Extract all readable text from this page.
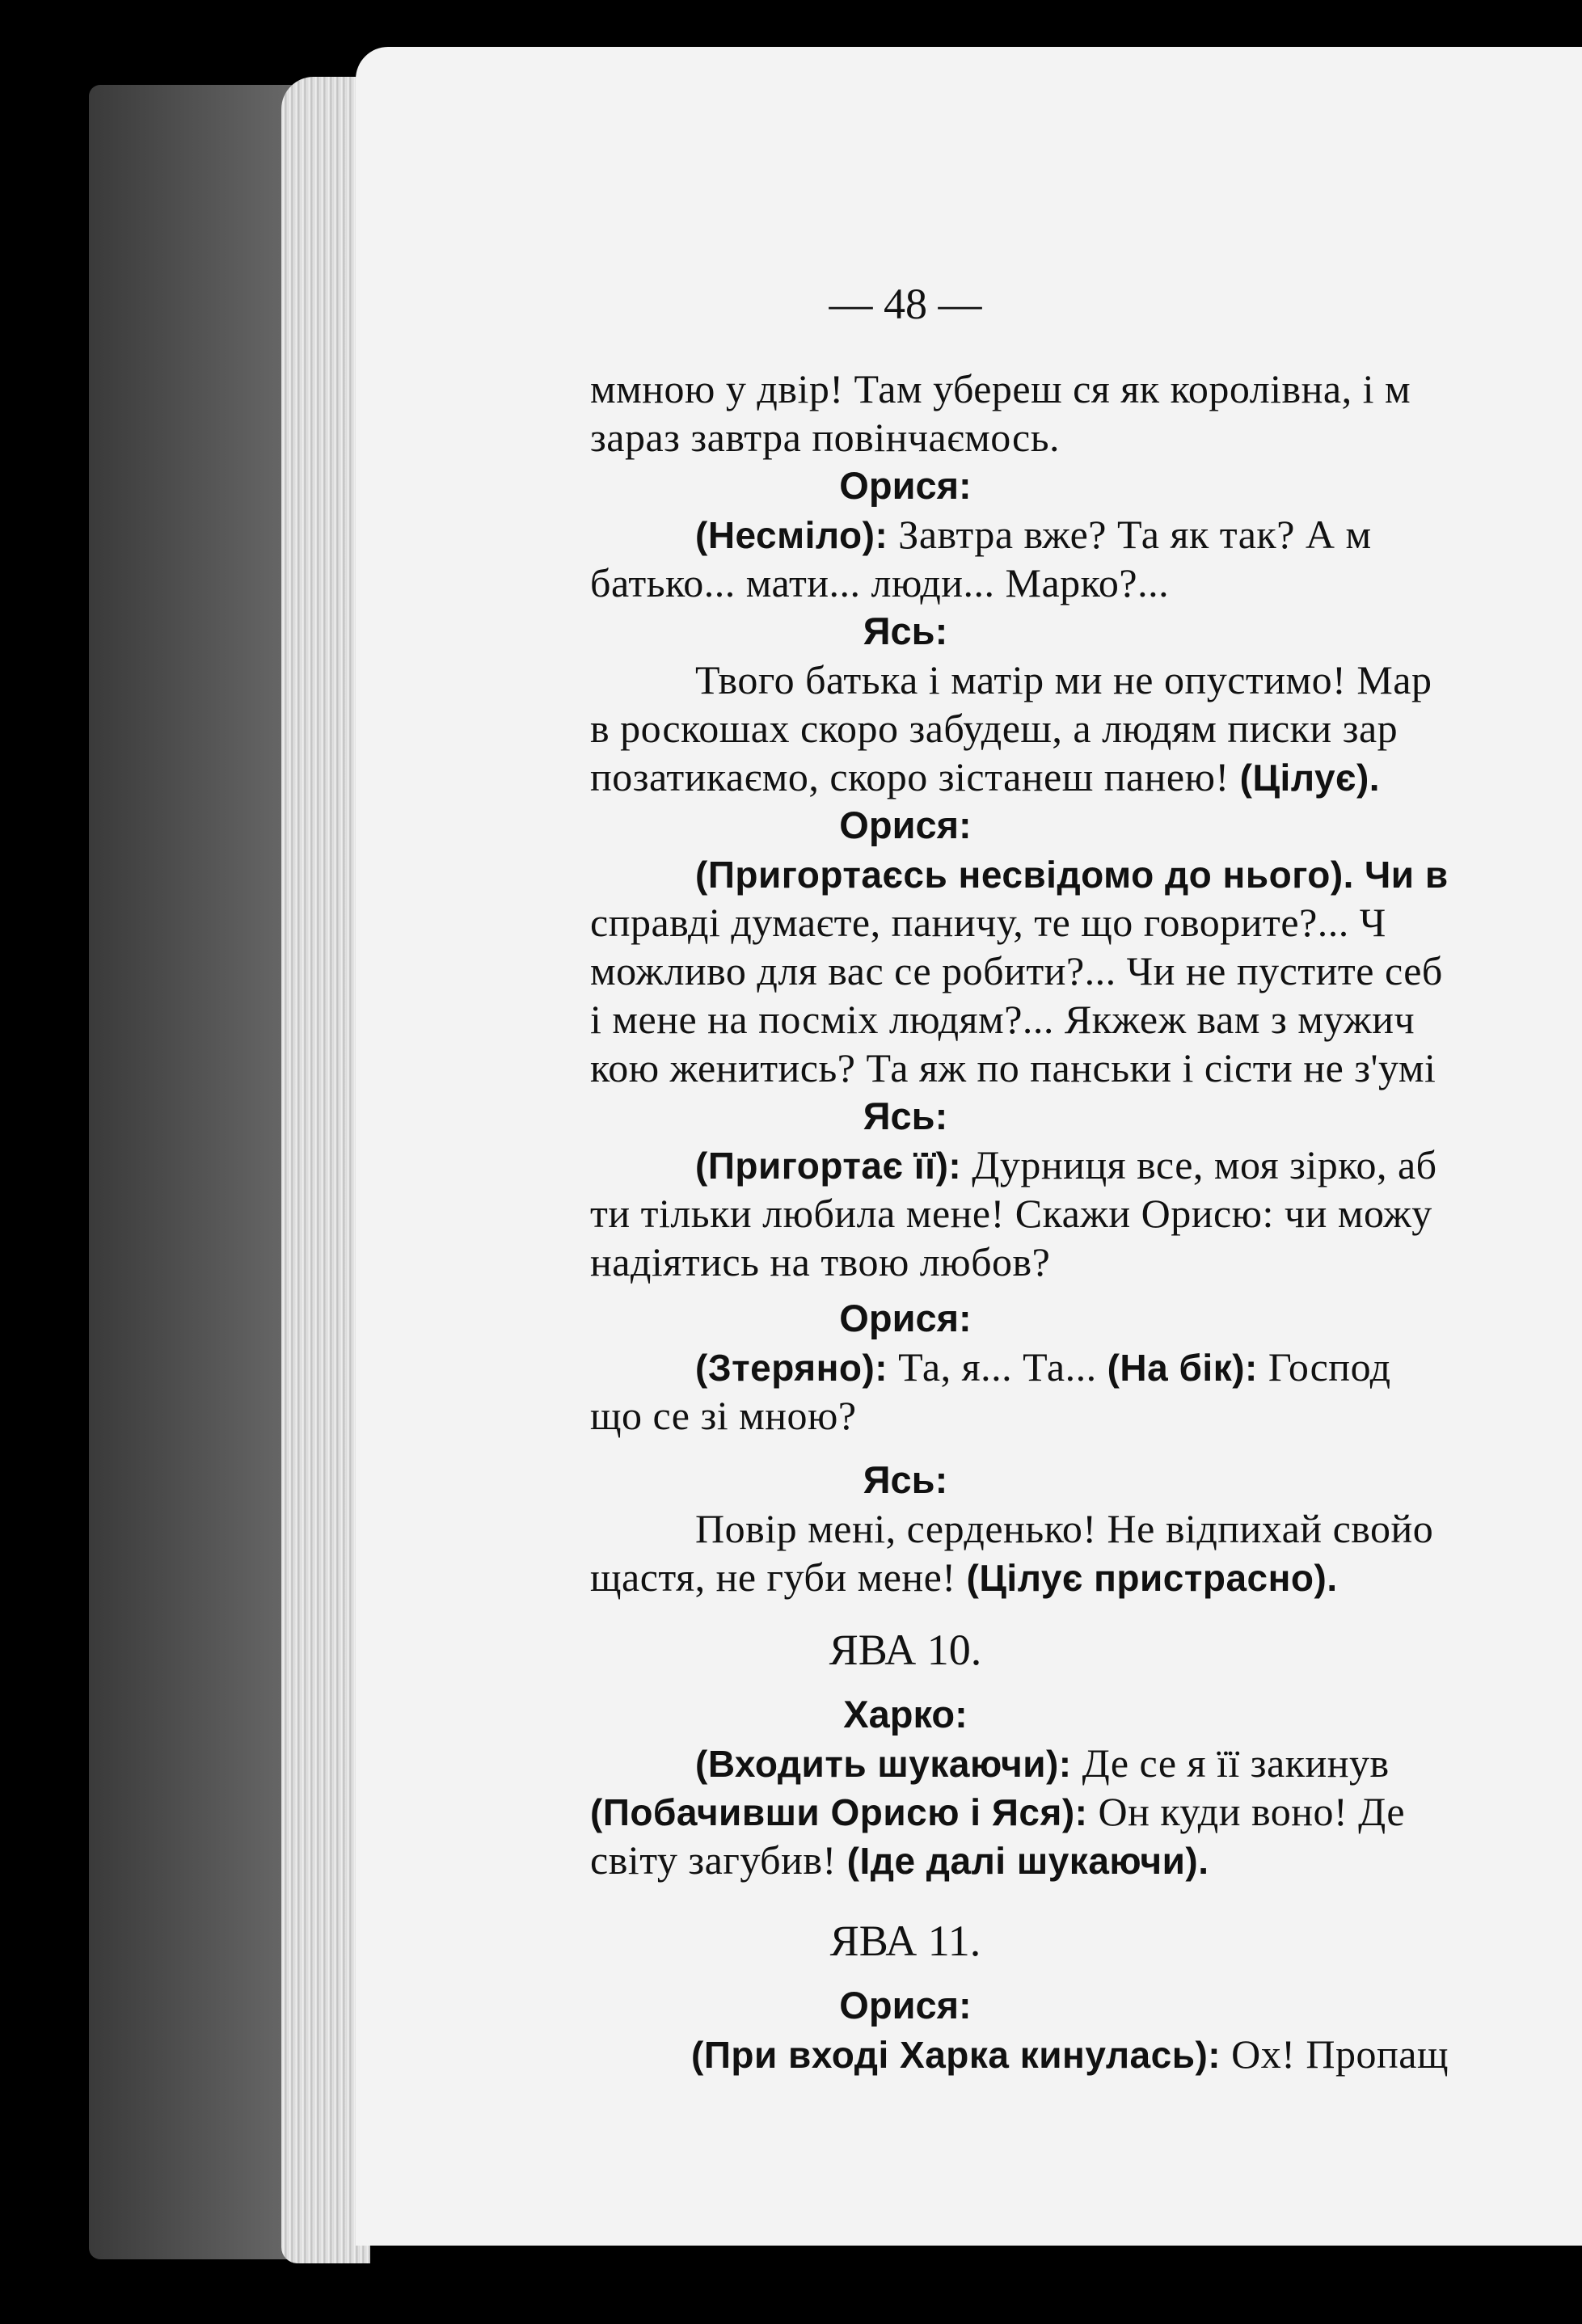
— 48 —
ммною у двір! Там убереш ся як королівна, і м
зараз завтра повінчаємось.
Орися:
(Несміло): Завтра вже? Та як так? А м
батько... мати... люди... Марко?...
Ясь:
Твого батька і матір ми не опустимо! Мар
в роскошах скоро забудеш, а людям писки зар
позатикаємо, скоро зістанеш панею! (Цілує).
Орися:
(Пригортаєсь несвідомо до нього). Чи в
справді думаєте, паничу, те що говорите?... Ч
можливо для вас се робити?... Чи не пустите себ
і мене на посміх людям?... Якжеж вам з мужич
кою женитись? Та яж по панськи і сісти не з'умі
Ясь:
(Пригортає її): Дурниця все, моя зірко, аб
ти тільки любила мене! Скажи Орисю: чи можу
надіятись на твою любов?
Орися:
(Зтеряно): Та, я... Та... (На бік): Господ
що се зі мною?
Ясь:
Повір мені, серденько! Не відпихай свойо
щастя, не губи мене! (Цілує пристрасно).
ЯВА 10.
Харко:
(Входить шукаючи): Де се я її закинув
(Побачивши Орисю і Яся): Он куди воно! Де
світу загубив! (Іде далі шукаючи).
ЯВА 11.
Орися:
(При вході Харка кинулась): Ох! Пропащ
